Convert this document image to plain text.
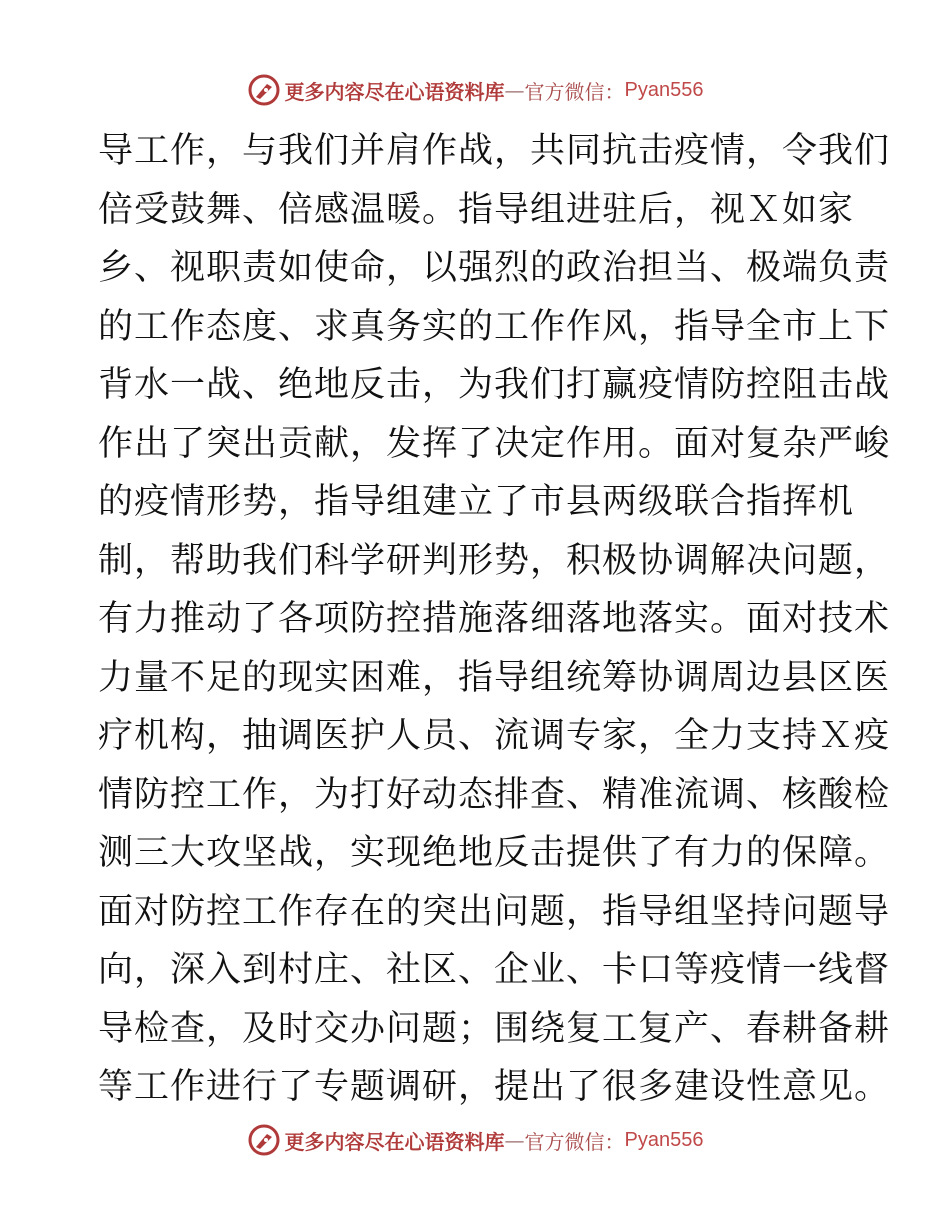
更多内容尽在心语资料库 — 官方微信： Pyan556
导工作，与我们并肩作战，共同抗击疫情，令我们
倍受鼓舞、倍感温暖。指导组进驻后，视Ｘ如家
乡、视职责如使命，以强烈的政治担当、极端负责
的工作态度、求真务实的工作作风，指导全市上下
背水一战、绝地反击，为我们打赢疫情防控阻击战
作出了突出贡献，发挥了决定作用。面对复杂严峻
的疫情形势，指导组建立了市县两级联合指挥机
制，帮助我们科学研判形势，积极协调解决问题，
有力推动了各项防控措施落细落地落实。面对技术
力量不足的现实困难，指导组统筹协调周边县区医
疗机构，抽调医护人员、流调专家，全力支持Ｘ疫
情防控工作，为打好动态排查、精准流调、核酸检
测三大攻坚战，实现绝地反击提供了有力的保障。
面对防控工作存在的突出问题，指导组坚持问题导
向，深入到村庄、社区、企业、卡口等疫情一线督
导检查，及时交办问题；围绕复工复产、春耕备耕
等工作进行了专题调研，提出了很多建设性意见。
更多内容尽在心语资料库 — 官方微信： Pyan556
